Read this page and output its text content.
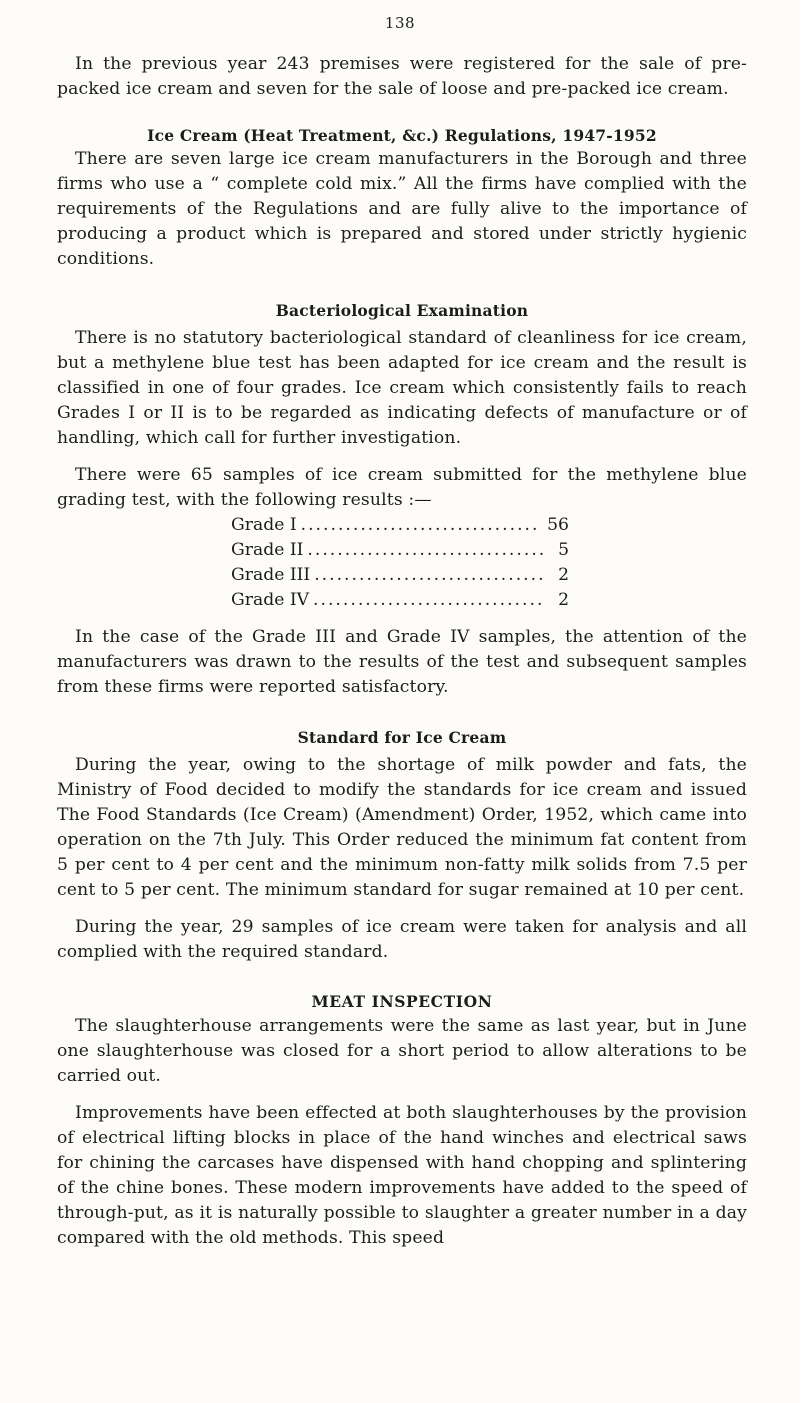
138

In the previous year 243 premises were registered for the sale of pre-packed ice cream and seven for the sale of loose and pre-packed ice cream.

Ice Cream (Heat Treatment, &c.) Regulations, 1947-1952

There are seven large ice cream manufacturers in the Borough and three firms who use a “ complete cold mix.” All the firms have complied with the requirements of the Regulations and are fully alive to the importance of producing a product which is prepared and stored under strictly hygienic conditions.

Bacteriological Examination

There is no statutory bacteriological standard of cleanliness for ice cream, but a methylene blue test has been adapted for ice cream and the result is classified in one of four grades. Ice cream which consistently fails to reach Grades I or II is to be regarded as indicating defects of manufacture or of handling, which call for further investigation.

There were 65 samples of ice cream submitted for the methylene blue grading test, with the following results :—

Grade I .....	56
Grade II .....	5
Grade III .....	2
Grade IV .....	2

In the case of the Grade III and Grade IV samples, the attention of the manufacturers was drawn to the results of the test and subsequent samples from these firms were reported satisfactory.

Standard for Ice Cream

During the year, owing to the shortage of milk powder and fats, the Ministry of Food decided to modify the standards for ice cream and issued The Food Standards (Ice Cream) (Amendment) Order, 1952, which came into operation on the 7th July. This Order reduced the minimum fat content from 5 per cent to 4 per cent and the minimum non-fatty milk solids from 7.5 per cent to 5 per cent. The minimum standard for sugar remained at 10 per cent.

During the year, 29 samples of ice cream were taken for analysis and all complied with the required standard.

MEAT INSPECTION

The slaughterhouse arrangements were the same as last year, but in June one slaughterhouse was closed for a short period to allow alterations to be carried out.

Improvements have been effected at both slaughterhouses by the provision of electrical lifting blocks in place of the hand winches and electrical saws for chining the carcases have dispensed with hand chopping and splintering of the chine bones. These modern improvements have added to the speed of through-put, as it is naturally possible to slaughter a greater number in a day compared with the old methods. This speed
